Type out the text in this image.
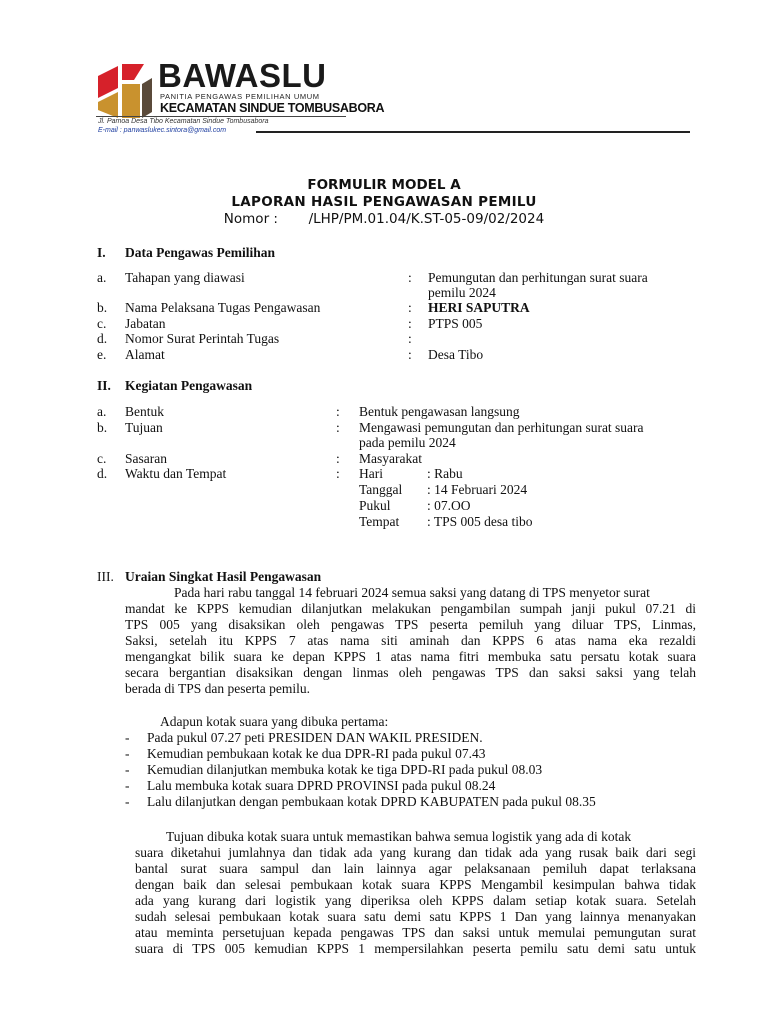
BAWASLU
PANITIA PENGAWAS PEMILIHAN UMUM
KECAMATAN SINDUE TOMBUSABORA
Jl. Pamoa Desa Tibo Kecamatan Sindue Tombusabora
E-mail : panwaslukec.sintora@gmail.com
FORMULIR MODEL A
LAPORAN HASIL PENGAWASAN PEMILU
Nomor : /LHP/PM.01.04/K.ST-05-09/02/2024
I. Data Pengawas Pemilihan
a. Tahapan yang diawasi	: Pemungutan dan perhitungan surat suara
pemilu 2024
b. Nama Pelaksana Tugas Pengawasan	: HERI SAPUTRA
c. Jabatan	: PTPS 005
d. Nomor Surat Perintah Tugas	:
e. Alamat	: Desa Tibo
II. Kegiatan Pengawasan
a. Bentuk	: Bentuk pengawasan langsung
b. Tujuan	: Mengawasi pemungutan dan perhitungan surat suara
pada pemilu 2024
c. Sasaran	: Masyarakat
d. Waktu dan Tempat	: Hari	: Rabu
Tanggal : 14 Februari 2024
Pukul	: 07.OO
Tempat : TPS 005 desa tibo
III. Uraian Singkat Hasil Pengawasan
Pada hari rabu tanggal 14 februari 2024 semua saksi yang datang di TPS menyetor surat
mandat ke KPPS kemudian dilanjutkan melakukan pengambilan sumpah janji pukul 07.21 di
TPS 005 yang disaksikan oleh pengawas TPS peserta pemiluh yang diluar TPS, Linmas,
Saksi, setelah itu KPPS 7 atas nama siti aminah dan KPPS 6 atas nama eka rezaldi
mengangkat bilik suara ke depan KPPS 1 atas nama fitri membuka satu persatu kotak suara
secara bergantian disaksikan dengan linmas oleh pengawas TPS dan saksi saksi yang telah
berada di TPS dan peserta pemilu.
Adapun kotak suara yang dibuka pertama:
- Pada pukul 07.27 peti PRESIDEN DAN WAKIL PRESIDEN.
- Kemudian pembukaan kotak ke dua DPR-RI pada pukul 07.43
- Kemudian dilanjutkan membuka kotak ke tiga DPD-RI pada pukul 08.03
- Lalu membuka kotak suara DPRD PROVINSI pada pukul 08.24
- Lalu dilanjutkan dengan pembukaan kotak DPRD KABUPATEN pada pukul 08.35
Tujuan dibuka kotak suara untuk memastikan bahwa semua logistik yang ada di kotak
suara diketahui jumlahnya dan tidak ada yang kurang dan tidak ada yang rusak baik dari segi
bantal surat suara sampul dan lain lainnya agar pelaksanaan pemiluh dapat terlaksana
dengan baik dan selesai pembukaan kotak suara KPPS Mengambil kesimpulan bahwa tidak
ada yang kurang dari logistik yang diperiksa oleh KPPS dalam setiap kotak suara. Setelah
sudah selesai pembukaan kotak suara satu demi satu KPPS 1 Dan yang lainnya menanyakan
atau meminta persetujuan kepada pengawas TPS dan saksi untuk memulai pemungutan surat
suara di TPS 005 kemudian KPPS 1 mempersilahkan peserta pemilu satu demi satu untuk
